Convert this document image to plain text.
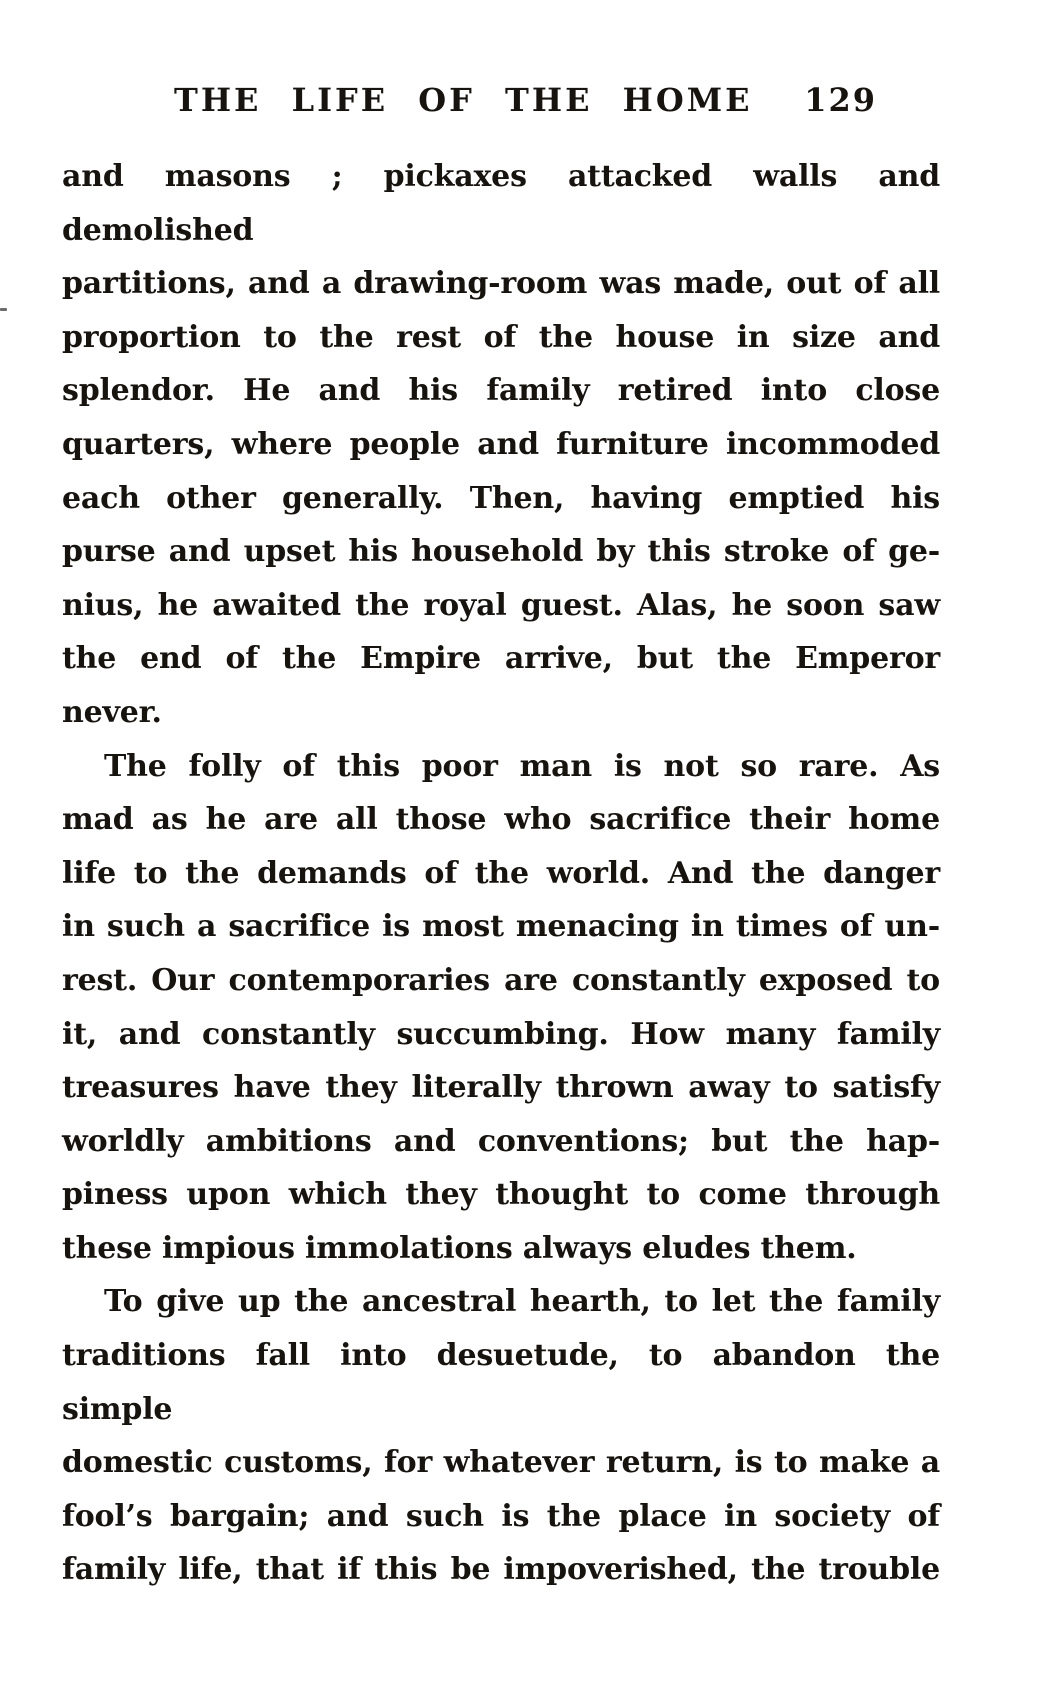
THE LIFE OF THE HOME 129

and masons ; pickaxes attacked walls and demolished
partitions, and a drawing-room was made, out of all
proportion to the rest of the house in size and
splendor. He and his family retired into close
quarters, where people and furniture incommoded
each other generally. Then, having emptied his
purse and upset his household by this stroke of ge-
nius, he awaited the royal guest. Alas, he soon saw
the end of the Empire arrive, but the Emperor
never.

The folly of this poor man is not so rare. As
mad as he are all those who sacrifice their home
life to the demands of the world. And the danger
in such a sacrifice is most menacing in times of un-
rest. Our contemporaries are constantly exposed to
it, and constantly succumbing. How many family
treasures have they literally thrown away to satisfy
worldly ambitions and conventions; but the hap-
piness upon which they thought to come through
these impious immolations always eludes them.

To give up the ancestral hearth, to let the family
traditions fall into desuetude, to abandon the simple
domestic customs, for whatever return, is to make a
fool’s bargain; and such is the place in society of
family life, that if this be impoverished, the trouble
